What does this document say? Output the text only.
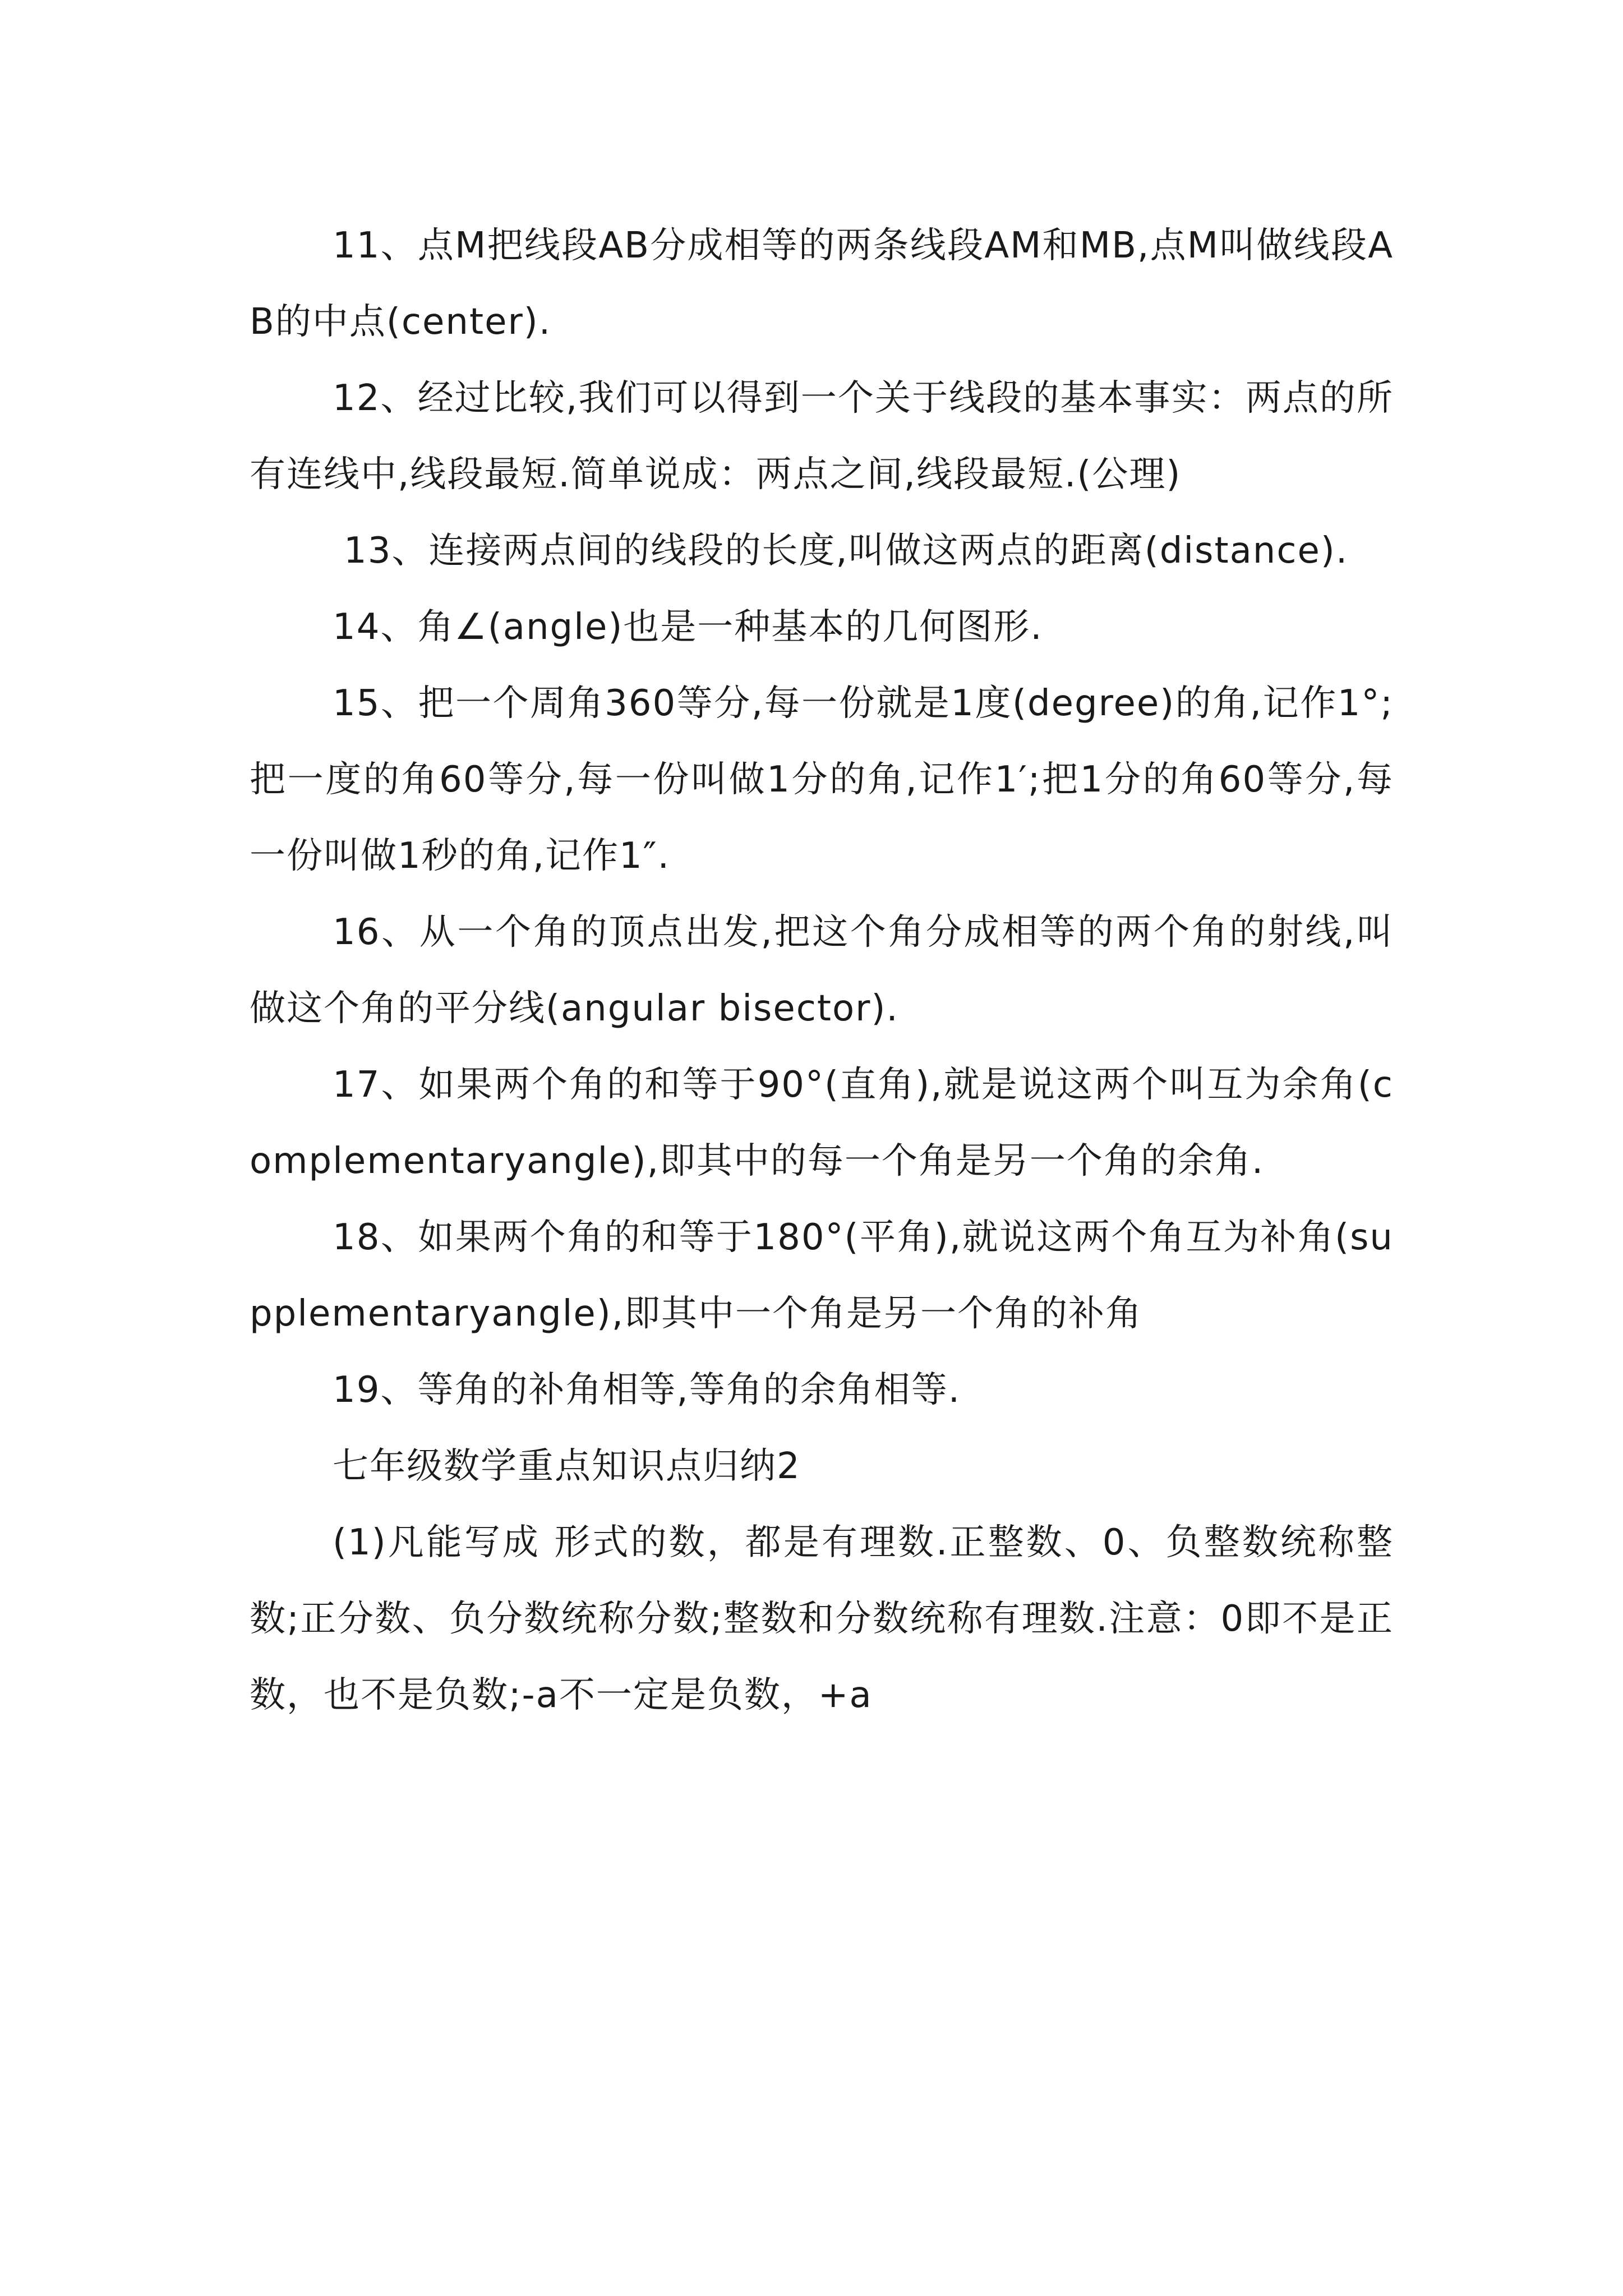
11、点M把线段AB分成相等的两条线段AM和MB,点M叫做线段AB的中点(center).

12、经过比较,我们可以得到一个关于线段的基本事实：两点的所有连线中,线段最短.简单说成：两点之间,线段最短.(公理)

13、连接两点间的线段的长度,叫做这两点的距离(distance).

14、角∠(angle)也是一种基本的几何图形.

15、把一个周角360等分,每一份就是1度(degree)的角,记作1°;把一度的角60等分,每一份叫做1分的角,记作1′;把1分的角60等分,每一份叫做1秒的角,记作1″.

16、从一个角的顶点出发,把这个角分成相等的两个角的射线,叫做这个角的平分线(angular bisector).

17、如果两个角的和等于90°(直角),就是说这两个叫互为余角(complementaryangle),即其中的每一个角是另一个角的余角.

18、如果两个角的和等于180°(平角),就说这两个角互为补角(supplementaryangle),即其中一个角是另一个角的补角

19、等角的补角相等,等角的余角相等.

七年级数学重点知识点归纳2

(1)凡能写成 形式的数，都是有理数.正整数、0、负整数统称整数;正分数、负分数统称分数;整数和分数统称有理数.注意：0即不是正数，也不是负数;-a不一定是负数，+a
